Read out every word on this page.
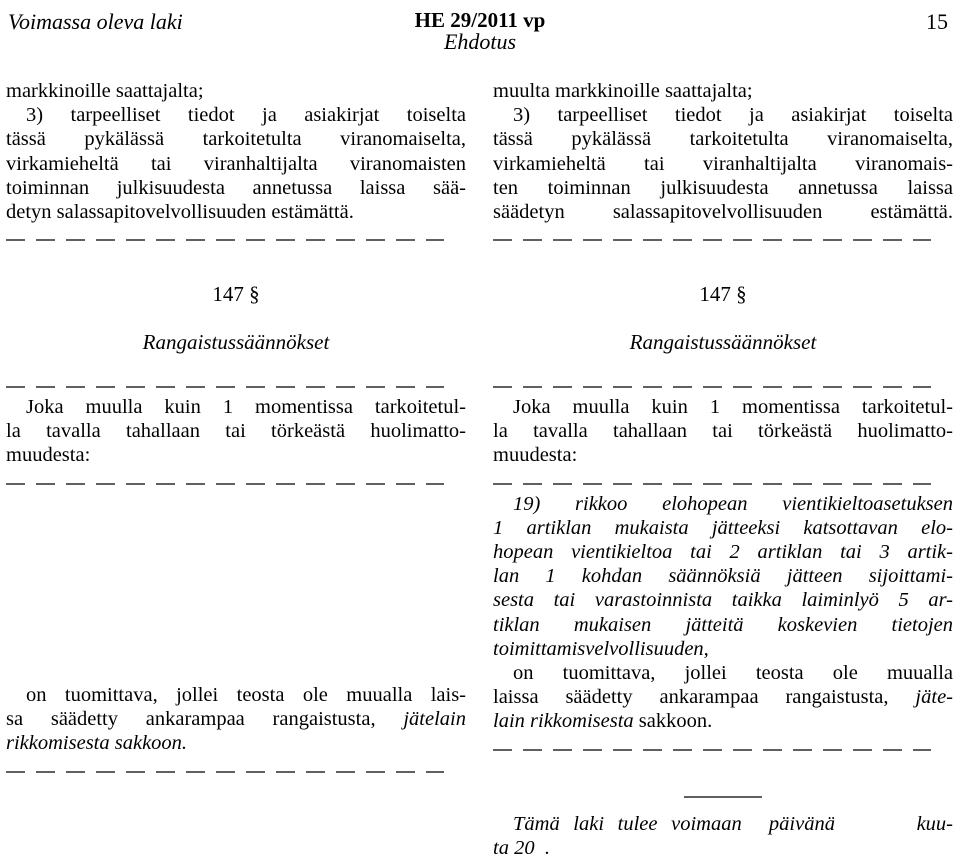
Voimassa oleva laki	HE 29/2011 vp
Ehdotus
15
markkinoille saattajalta;
3) tarpeelliset tiedot ja asiakirjat toiselta
tässä pykälässä tarkoitetulta viranomaiselta,
virkamieheltä tai viranhaltijalta viranomaisten
toiminnan julkisuudesta annetussa laissa sää-
detyn salassapitovelvollisuuden estämättä.
147 §
Rangaistussäännökset
Joka muulla kuin 1 momentissa tarkoitetul-
la tavalla tahallaan tai törkeästä huolimatto-
muudesta:
on tuomittava, jollei teosta ole muualla lais-
sa säädetty ankarampaa rangaistusta, jätelain
rikkomisesta sakkoon.
muulta markkinoille saattajalta;
3) tarpeelliset tiedot ja asiakirjat toiselta
tässä pykälässä tarkoitetulta viranomaiselta,
virkamieheltä tai viranhaltijalta viranomais-
ten toiminnan julkisuudesta annetussa laissa
säädetyn salassapitovelvollisuuden estämättä.
147 §
Rangaistussäännökset
Joka muulla kuin 1 momentissa tarkoitetul-
la tavalla tahallaan tai törkeästä huolimatto-
muudesta:
19) rikkoo elohopean vientikieltoasetuksen
1 artiklan mukaista jätteeksi katsottavan elo-
hopean vientikieltoa tai 2 artiklan tai 3 artik-
lan 1 kohdan säännöksiä jätteen sijoittami-
sesta tai varastoinnista taikka laiminlyö 5 ar-
tiklan mukaisen jätteitä koskevien tietojen
toimittamisvelvollisuuden,
on tuomittava, jollei teosta ole muualla
laissa säädetty ankarampaa rangaistusta, jäte-
lain rikkomisesta sakkoon.
Tämä laki tulee voimaan  päivänä      kuu-
ta 20  .
